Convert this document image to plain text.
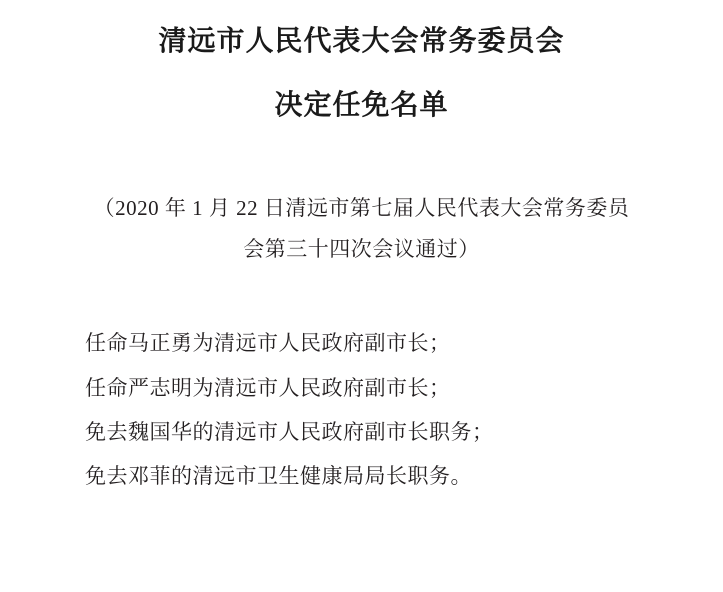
清远市人民代表大会常务委员会
决定任免名单
（2020 年 1 月 22 日清远市第七届人民代表大会常务委员
会第三十四次会议通过）
任命马正勇为清远市人民政府副市长；
任命严志明为清远市人民政府副市长；
免去魏国华的清远市人民政府副市长职务；
免去邓菲的清远市卫生健康局局长职务。
